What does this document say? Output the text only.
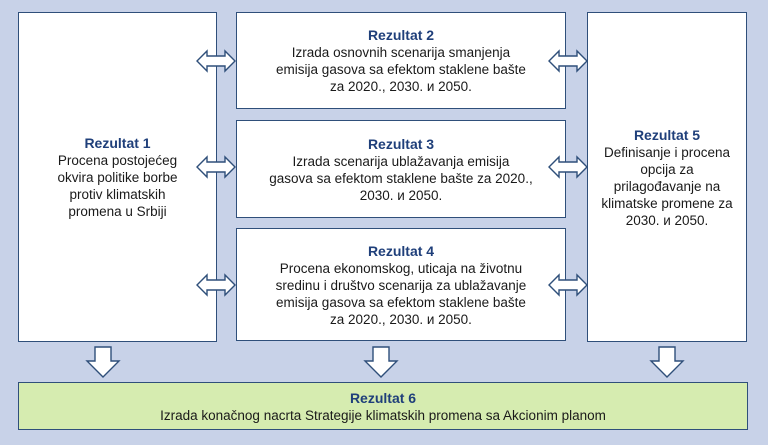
Rezultat 1
Procena postojećeg
okvira politike borbe
protiv klimatskih
promena u Srbiji
Rezultat 2
Izrada osnovnih scenarija smanjenja
emisija gasova sa efektom staklene bašte
za 2020., 2030. и 2050.
Rezultat 3
Izrada scenarija ublažavanja emisija
gasova sa efektom staklene bašte za 2020.,
2030. и 2050.
Rezultat 4
Procena ekonomskog, uticaja na životnu
sredinu i društvo scenarija za ublažavanje
emisija gasova sa efektom staklene bašte
za 2020., 2030. и 2050.
Rezultat 5
Definisanje i procena
opcija za
prilagođavanje na
klimatske promene za
2030. и 2050.
Rezultat 6
Izrada konačnog nacrta Strategije klimatskih promena sa Akcionim planom
